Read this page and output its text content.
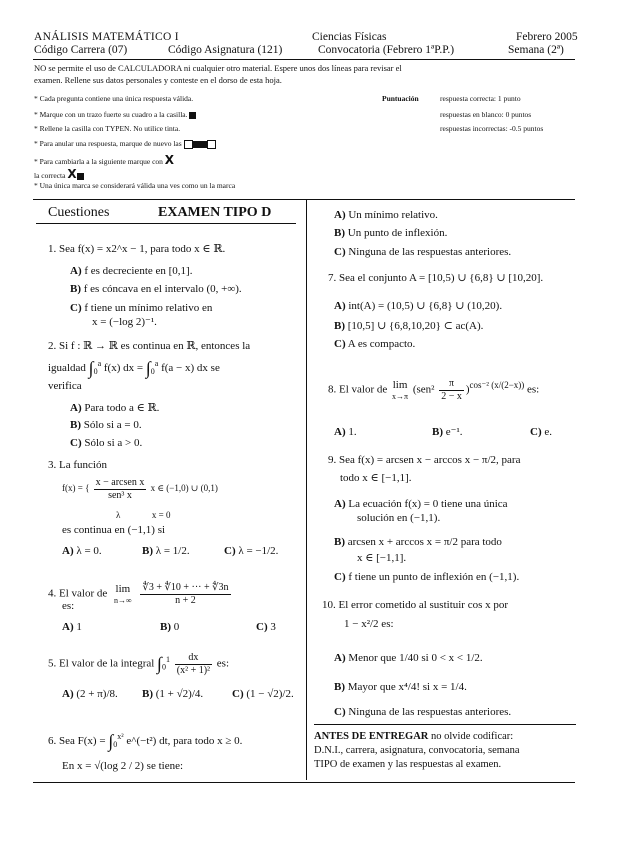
ANÁLISIS MATEMÁTICO I	Ciencias Físicas	Febrero 2005
Código Carrera (07)	Código Asignatura (121)	Convocatoria (Febrero 1ªP.P.)	Semana (2ª)
NO se permite el uso de CALCULADORA ni cualquier otro material. Espere unos dos líneas para revisar el
examen. Rellene sus datos personales y conteste en el dorso de esta hoja.
* Cada pregunta contiene una única respuesta válida.
* Marque con un trazo fuerte su cuadro a la casilla.
* Rellene la casilla con TYPEN. No utilice tinta.
* Para anular una respuesta, marque de nuevo las
* Para cambiarla a la siguiente marque con X
la correcta X
* Una única marca se considerará válida una ves como un la marca
Puntuación	respuesta correcta: 1 punto
respuestas en blanco: 0 puntos
respuestas incorrectas: -0.5 puntos
Cuestiones	EXAMEN TIPO D
1. Sea f(x) = x2^x − 1, para todo x ∈ ℝ.
A) f es decreciente en [0,1].
B) f es cóncava en el intervalo (0, +∞).
C) f tiene un mínimo relativo en
x = (−log 2)⁻¹.
2. Si f : ℝ → ℝ es continua en ℝ, entonces la
igualdad $\int_0^a$ f(x) dx = $\int_0^a$ f(a − x) dx se
verifica
A) Para todo a ∈ ℝ.
B) Sólo si a = 0.
C) Sólo si a > 0.
3. La función
f(x) = { $\frac{\text{x − arcsen x}}{\text{sen³ x}}$ x ∈ (−1,0) ∪ (0,1)
λ	x = 0
es continua en (−1,1) si
A) λ = 0.	B) λ = 1/2.	C) λ = −1/2.
4. El valor de lim
n→∞
$\frac{∜3 + ∜10 + \cdot\cdot\cdot + ∜3n}{n + 2}$
es:
A) 1	B) 0	C) 3
5. El valor de la integral $\int_0^1 \frac{dx}{\text{(x² + 1)²}}$ es:
A) (2 + π)/8. B) (1 + √2)/4.	C) (1 − √2)/2.
6. Sea $F(x) = \int_0^{x^2}$ e^(−t²) dt, para todo x ≥ 0.
En x = √(log 2 / 2) se tiene:
A) Un mínimo relativo.
B) Un punto de inflexión.
C) Ninguna de las respuestas anteriores.
7. Sea el conjunto A = [10,5) ∪ {6,8} ∪ [10,20].
A) int(A) = (10,5) ∪ {6,8} ∪ (10,20).
B) [10,5] ∪ {6,8,10,20} ⊂ ac(A).
C) A es compacto.
8. El valor de lim
x→π
$(sen^2 \frac{\pi}{2 - x} )^{cos^{-2} (x/(2-x))}$ es:
A) 1.	B) e⁻¹.	C) e.
9. Sea f(x) = arcsen x − arccos x − π/2, para
todo x ∈ [−1,1].
A) La ecuación f(x) = 0 tiene una única
solución en (−1,1).
B) arcsen x + arccos x = π/2 para todo
x ∈ [−1,1].
C) f tiene un punto de inflexión en (−1,1).
10. El error cometido al sustituir cos x por
1 − x²/2 es:
A) Menor que 1/40 si 0 < x < 1/2.
B) Mayor que x⁴/4! si x = 1/4.
C) Ninguna de las respuestas anteriores.
ANTES DE ENTREGAR no olvide codificar:
D.N.I., carrera, asignatura, convocatoria, semana
TIPO de examen y las respuestas al examen.
